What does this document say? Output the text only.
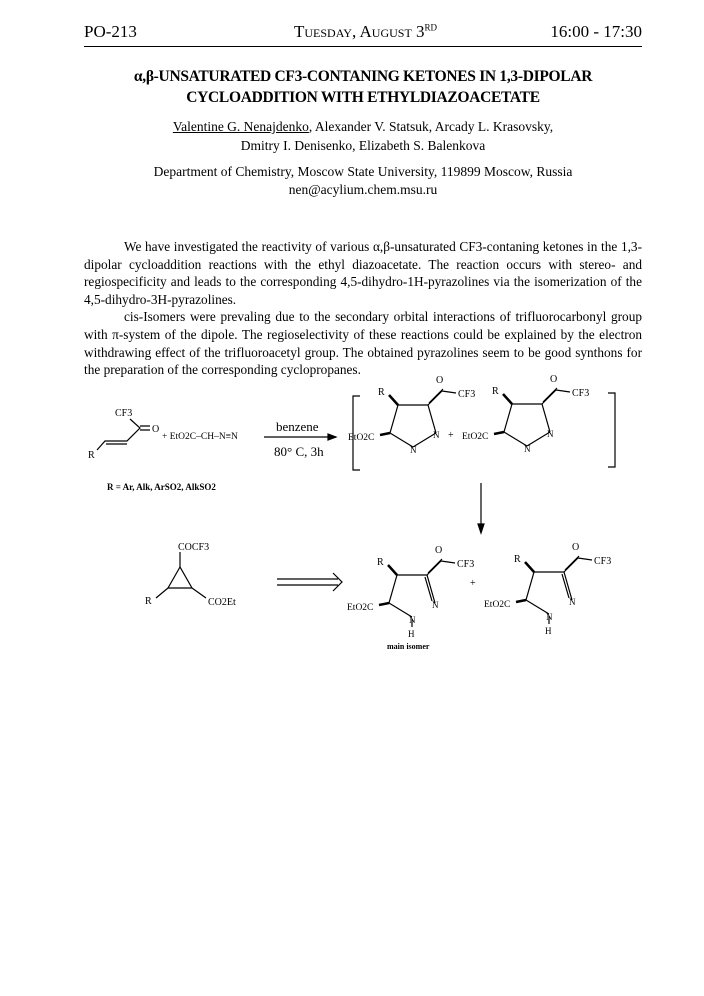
PO-213	Tuesday, August 3RD	16:00 - 17:30
α,β-UNSATURATED CF3-CONTANING KETONES IN 1,3-DIPOLAR
CYCLOADDITION WITH ETHYLDIAZOACETATE
Valentine G. Nenajdenko, Alexander V. Statsuk, Arcady L. Krasovsky,
Dmitry I. Denisenko, Elizabeth S. Balenkova
Department of Chemistry, Moscow State University, 119899 Moscow, Russia
nen@acylium.chem.msu.ru

We have investigated the reactivity of various α,β-unsaturated CF3-contaning ketones in the 1,3-dipolar cycloaddition reactions with the ethyl diazoacetate. The reaction occurs with stereo- and regiospecificity and leads to the corresponding 4,5-dihydro-1H-pyrazolines via the isomerization of the 4,5-dihydro-3H-pyrazolines.

cis-Isomers were prevaling due to the secondary orbital interactions of trifluorocarbonyl group with π-system of the dipole. The regioselectivity of these reactions could be explained by the electron withdrawing effect of the trifluoroacetyl group. The obtained pyrazolines seem to be good synthons for the preparation of the corresponding cyclopropanes.

CF3
O
R
+ EtO2C–CH–N≡N
benzene
80° C, 3h
R = Ar, Alk, ArSO2, AlkSO2
R
O
CF3
EtO2C	N
N
+
R
O
CF3
EtO2C	N
N
COCF3
R	CO2Et
R
O
CF3
EtO2C	N
N
H
main isomer
+
R
O
CF3
EtO2C	N
N
H
